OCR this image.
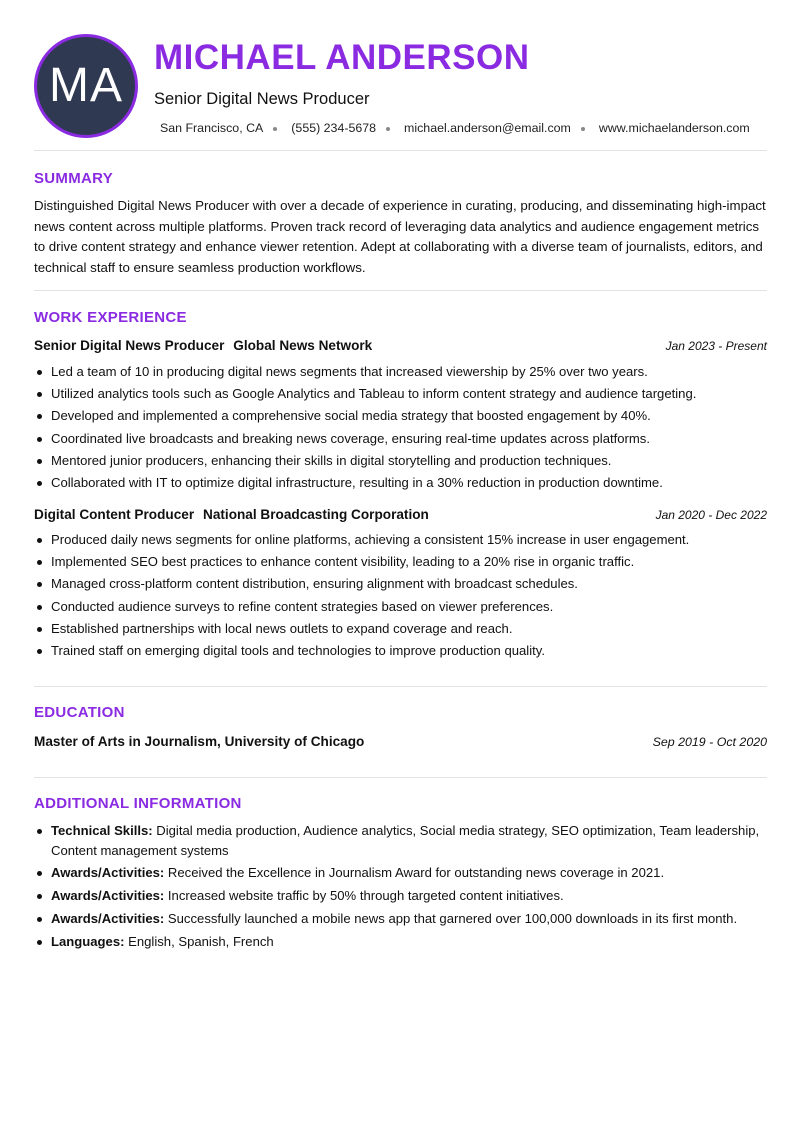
MA
MICHAEL ANDERSON

Senior Digital News Producer

San Francisco, CA (555) 234-5678 michael.anderson@email.com www.michaelanderson.com
SUMMARY

Distinguished Digital News Producer with over a decade of experience in curating, producing, and disseminating high-impact news content across multiple platforms. Proven track record of leveraging data analytics and audience engagement metrics to drive content strategy and enhance viewer retention. Adept at collaborating with a diverse team of journalists, editors, and technical staff to ensure seamless production workflows.

WORK EXPERIENCE
Senior Digital News Producer Global News Network	Jan 2023 - Present
Led a team of 10 in producing digital news segments that increased viewership by 25% over two years.
Utilized analytics tools such as Google Analytics and Tableau to inform content strategy and audience targeting.
Developed and implemented a comprehensive social media strategy that boosted engagement by 40%.
Coordinated live broadcasts and breaking news coverage, ensuring real-time updates across platforms.
Mentored junior producers, enhancing their skills in digital storytelling and production techniques.
Collaborated with IT to optimize digital infrastructure, resulting in a 30% reduction in production downtime.
Digital Content Producer National Broadcasting Corporation	Jan 2020 - Dec 2022
Produced daily news segments for online platforms, achieving a consistent 15% increase in user engagement.
Implemented SEO best practices to enhance content visibility, leading to a 20% rise in organic traffic.
Managed cross-platform content distribution, ensuring alignment with broadcast schedules.
Conducted audience surveys to refine content strategies based on viewer preferences.
Established partnerships with local news outlets to expand coverage and reach.
Trained staff on emerging digital tools and technologies to improve production quality.
EDUCATION
Master of Arts in Journalism, University of Chicago	Sep 2019 - Oct 2020
ADDITIONAL INFORMATION
Technical Skills: Digital media production, Audience analytics, Social media strategy, SEO optimization, Team leadership, Content management systems
Awards/Activities: Received the Excellence in Journalism Award for outstanding news coverage in 2021.
Awards/Activities: Increased website traffic by 50% through targeted content initiatives.
Awards/Activities: Successfully launched a mobile news app that garnered over 100,000 downloads in its first month.
Languages: English, Spanish, French
